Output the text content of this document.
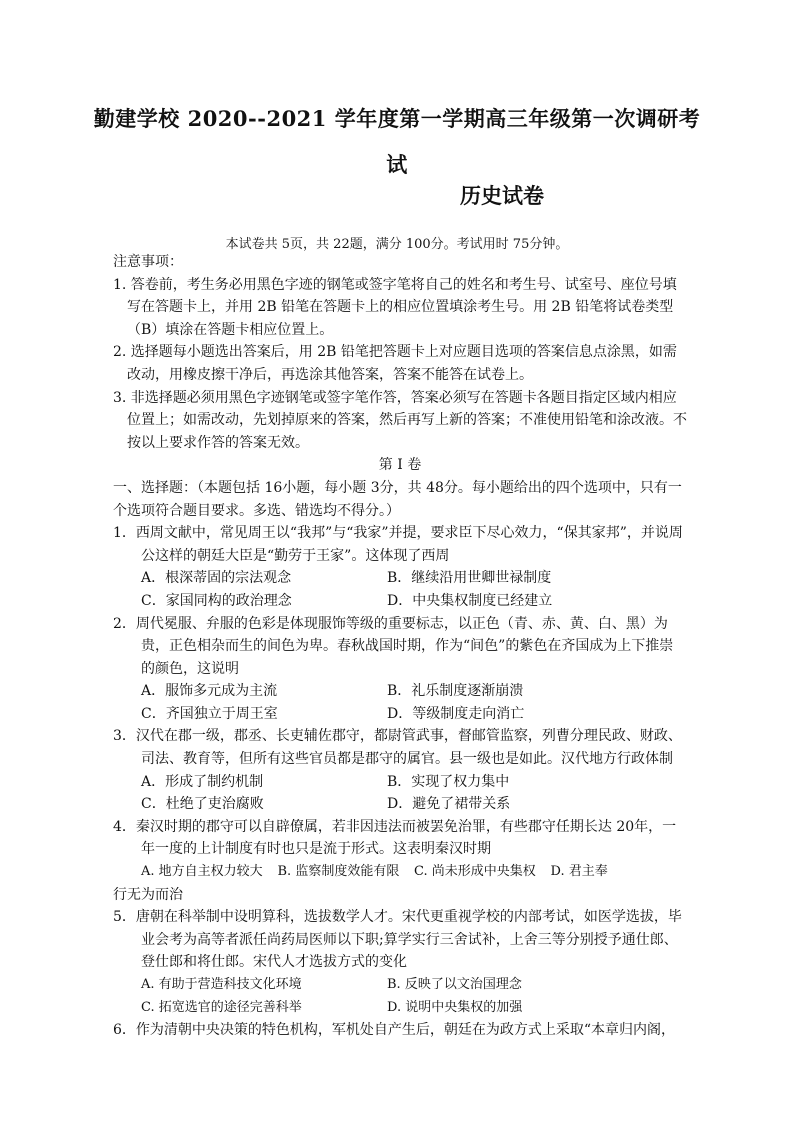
勤建学校 2020--2021 学年度第一学期高三年级第一次调研考
试
历史试卷
本试卷共 5页，共 22题，满分 100分。考试用时 75分钟。

注意事项：

1. 答卷前，考生务必用黑色字迹的钢笔或签字笔将自己的姓名和考生号、试室号、座位号填写在答题卡上，并用 2B 铅笔在答题卡上的相应位置填涂考生号。用 2B 铅笔将试卷类型（B）填涂在答题卡相应位置上。

2. 选择题每小题选出答案后，用 2B 铅笔把答题卡上对应题目选项的答案信息点涂黑，如需改动，用橡皮擦干净后，再选涂其他答案，答案不能答在试卷上。

3. 非选择题必须用黑色字迹钢笔或签字笔作答，答案必须写在答题卡各题目指定区域内相应位置上；如需改动，先划掉原来的答案，然后再写上新的答案；不准使用铅笔和涂改液。不按以上要求作答的答案无效。

第 Ⅰ 卷

一、选择题：（本题包括 16小题，每小题 3分，共 48分。每小题给出的四个选项中，只有一个选项符合题目要求。多选、错选均不得分。）

1．西周文献中，常见周王以“我邦”与“我家”并提，要求臣下尽心效力，“保其家邦”，并说周公这样的朝廷大臣是“勤劳于王家”。这体现了西周

A．根深蒂固的宗法观念	B．继续沿用世卿世禄制度
C．家国同构的政治理念	D．中央集权制度已经建立

2．周代冕服、弁服的色彩是体现服饰等级的重要标志，以正色（青、赤、黄、白、黑）为贵，正色相杂而生的间色为卑。春秋战国时期，作为“间色”的紫色在齐国成为上下推崇的颜色，这说明

A．服饰多元成为主流	B．礼乐制度逐渐崩溃
C．齐国独立于周王室	D．等级制度走向消亡

3．汉代在郡一级，郡丞、长吏辅佐郡守，都尉管武事，督邮管监察，列曹分理民政、财政、司法、教育等，但所有这些官员都是郡守的属官。县一级也是如此。汉代地方行政体制

A．形成了制约机制	B．实现了权力集中
C．杜绝了吏治腐败	D．避免了裙带关系

4．秦汉时期的郡守可以自辟僚属，若非因违法而被罢免治罪，有些郡守任期长达 20年，一年一度的上计制度有时也只是流于形式。这表明秦汉时期

A. 地方自主权力较大	B. 监察制度效能有限	C. 尚未形成中央集权	D. 君主奉

行无为而治

5．唐朝在科举制中设明算科，选拔数学人才。宋代更重视学校的内部考试，如医学选拔，毕业会考为高等者派任尚药局医师以下职;算学实行三舍试补，上舍三等分别授予通仕郎、登仕郎和将仕郎。宋代人才选拔方式的变化

A. 有助于营造科技文化环境	B. 反映了以文治国理念
C. 拓宽选官的途径完善科举	D. 说明中央集权的加强

6．作为清朝中央决策的特色机构，军机处自产生后，朝廷在为政方式上采取“本章归内阁，
